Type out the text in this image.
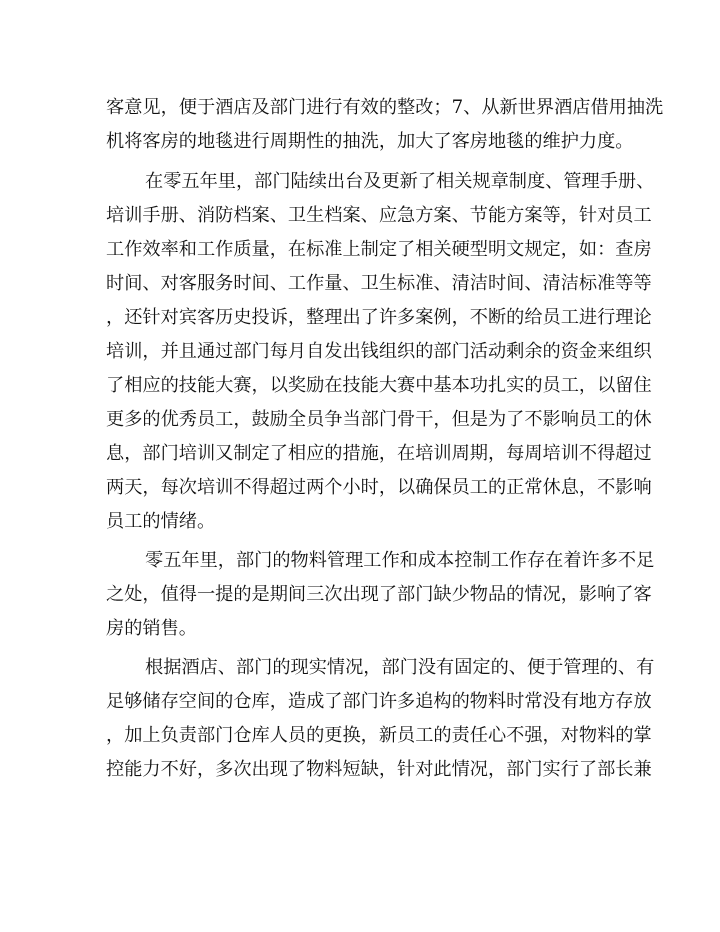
客意见，便于酒店及部门进行有效的整改；7、从新世界酒店借用抽洗
机将客房的地毯进行周期性的抽洗，加大了客房地毯的维护力度。
在零五年里，部门陆续出台及更新了相关规章制度、管理手册、
培训手册、消防档案、卫生档案、应急方案、节能方案等，针对员工
工作效率和工作质量，在标准上制定了相关硬型明文规定，如：查房
时间、对客服务时间、工作量、卫生标准、清洁时间、清洁标准等等
，还针对宾客历史投诉，整理出了许多案例，不断的给员工进行理论
培训，并且通过部门每月自发出钱组织的部门活动剩余的资金来组织
了相应的技能大赛，以奖励在技能大赛中基本功扎实的员工，以留住
更多的优秀员工，鼓励全员争当部门骨干，但是为了不影响员工的休
息，部门培训又制定了相应的措施，在培训周期，每周培训不得超过
两天，每次培训不得超过两个小时，以确保员工的正常休息，不影响
员工的情绪。
零五年里，部门的物料管理工作和成本控制工作存在着许多不足
之处，值得一提的是期间三次出现了部门缺少物品的情况，影响了客
房的销售。
根据酒店、部门的现实情况，部门没有固定的、便于管理的、有
足够储存空间的仓库，造成了部门许多追构的物料时常没有地方存放
，加上负责部门仓库人员的更换，新员工的责任心不强，对物料的掌
控能力不好，多次出现了物料短缺，针对此情况，部门实行了部长兼
